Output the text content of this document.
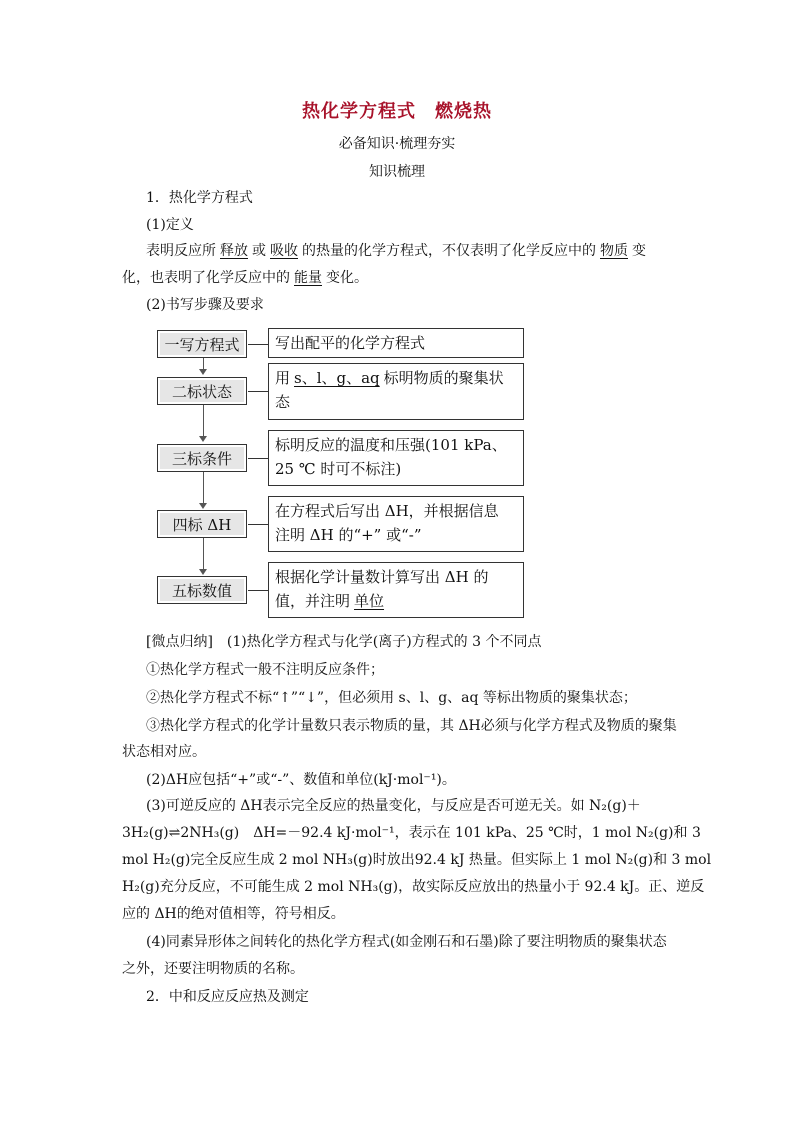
热化学方程式　燃烧热
必备知识·梳理夯实
知识梳理
1．热化学方程式
(1)定义
表明反应所 释放 或 吸收 的热量的化学方程式，不仅表明了化学反应中的 物质 变
化，也表明了化学反应中的 能量 变化。
(2)书写步骤及要求
一写方程式	写出配平的化学方程式
二标状态
用 s、l、g、aq 标明物质的聚集状
态
三标条件
标明反应的温度和压强(101 kPa、
25 ℃ 时可不标注)
四标 ΔH
在方程式后写出 ΔH，并根据信息
注明 ΔH 的“+” 或“-”
五标数值
根据化学计量数计算写出 ΔH 的
值，并注明 单位
[微点归纳]　(1)热化学方程式与化学(离子)方程式的 3 个不同点
①热化学方程式一般不注明反应条件；
②热化学方程式不标“↑”“↓”，但必须用 s、l、g、aq 等标出物质的聚集状态；
③热化学方程式的化学计量数只表示物质的量，其 ΔH必须与化学方程式及物质的聚集
状态相对应。
(2)ΔH应包括“+”或“-”、数值和单位(kJ·mol⁻¹)。
(3)可逆反应的 ΔH表示完全反应的热量变化，与反应是否可逆无关。如 N₂(g)＋
3H₂(g)⇌2NH₃(g)　ΔH=－92.4 kJ·mol⁻¹，表示在 101 kPa、25 ℃时，1 mol N₂(g)和 3
mol H₂(g)完全反应生成 2 mol NH₃(g)时放出92.4 kJ 热量。但实际上 1 mol N₂(g)和 3 mol
H₂(g)充分反应，不可能生成 2 mol NH₃(g)，故实际反应放出的热量小于 92.4 kJ。正、逆反
应的 ΔH的绝对值相等，符号相反。
(4)同素异形体之间转化的热化学方程式(如金刚石和石墨)除了要注明物质的聚集状态
之外，还要注明物质的名称。
2．中和反应反应热及测定
